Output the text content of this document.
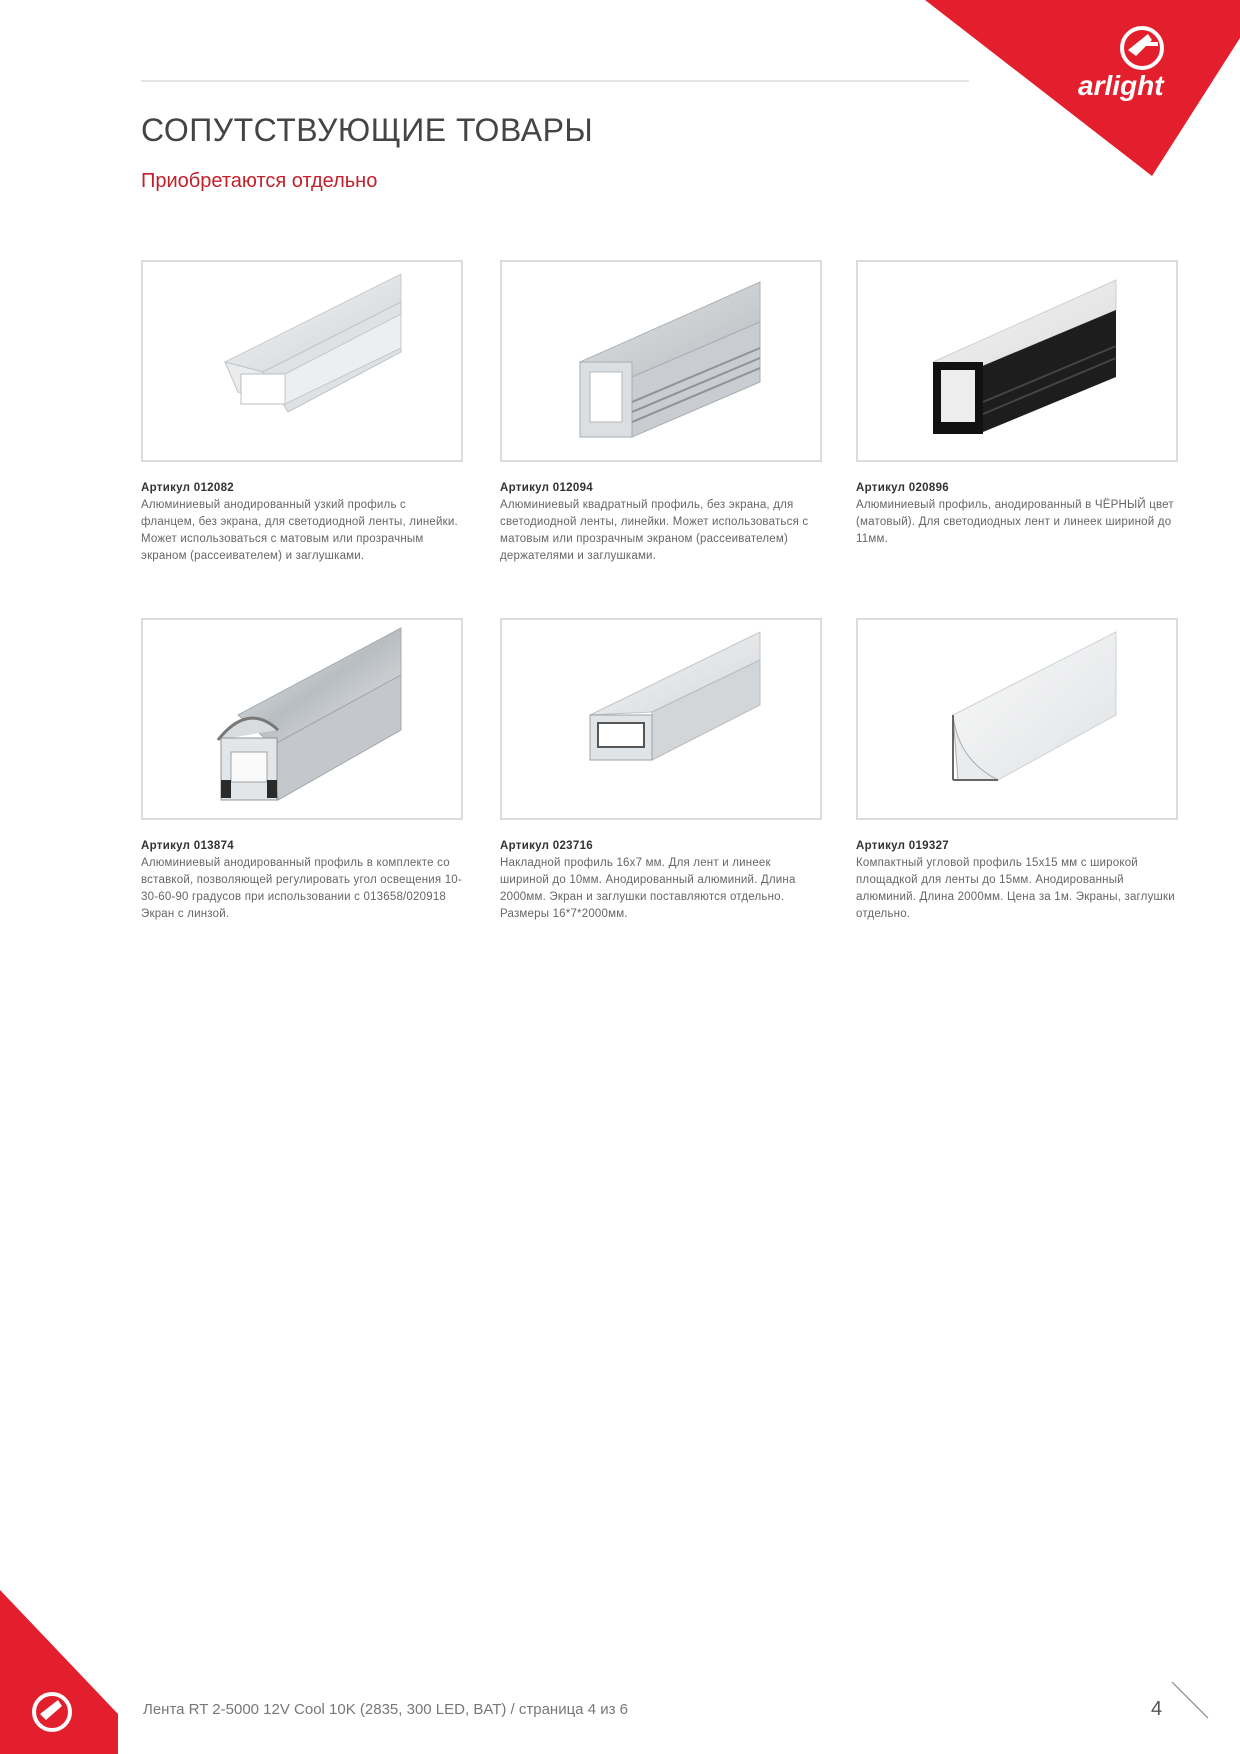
arlight
СОПУТСТВУЮЩИЕ ТОВАРЫ

Приобретаются отдельно

Артикул 012082

Алюминиевый анодированный узкий профиль с фланцем, без экрана, для светодиодной ленты, линейки. Может использоваться с матовым или прозрачным экраном (рассеивателем) и заглушками.

Артикул 012094

Алюминиевый квадратный профиль, без экрана, для светодиодной ленты, линейки. Может использоваться с матовым или прозрачным экраном (рассеивателем) держателями и заглушками.

Артикул 020896

Алюминиевый профиль, анодированный в ЧЁРНЫЙ цвет (матовый). Для светодиодных лент и линеек шириной до 11мм.

Артикул 013874

Алюминиевый анодированный профиль в комплекте со вставкой, позволяющей регулировать угол освещения 10-30-60-90 градусов при использовании с 013658/020918 Экран с линзой.

Артикул 023716

Накладной профиль 16x7 мм. Для лент и линеек шириной до 10мм. Анодированный алюминий. Длина 2000мм. Экран и заглушки поставляются отдельно. Размеры 16*7*2000мм.

Артикул 019327

Компактный угловой профиль 15x15 мм с широкой площадкой для ленты до 15мм. Анодированный алюминий. Длина 2000мм. Цена за 1м. Экраны, заглушки отдельно.

Лента RT 2-5000 12V Cool 10K (2835, 300 LED, BAT) / страница 4 из 6	4
